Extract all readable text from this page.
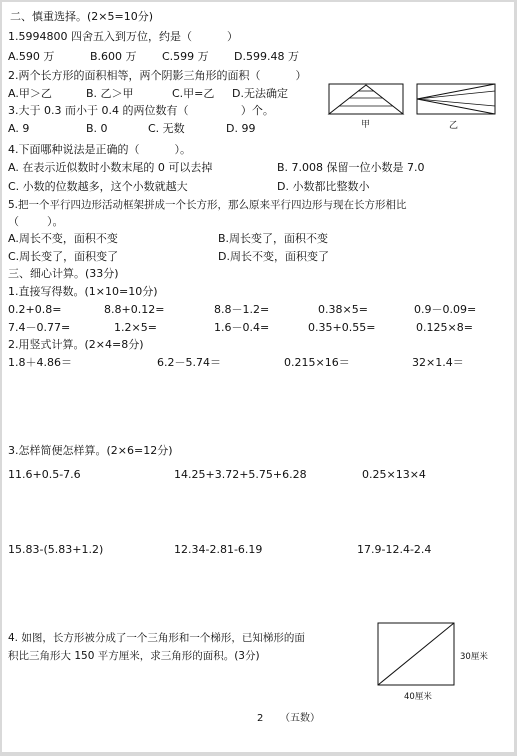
二、慎重选择。(2×5=10分)
1.5994800 四舍五入到万位，约是（          ）
A.590 万	B.600 万 C.599 万 D.599.48 万
2.两个长方形的面积相等，两个阴影三角形的面积（          ）
A.甲＞乙	B. 乙＞甲	C.甲=乙 D.无法确定
甲	乙
3.大于 0.3 而小于 0.4 的两位数有（               ）个。
A. 9	B. 0	C. 无数	D. 99
4.下面哪种说法是正确的（          ）。
A. 在表示近似数时小数末尾的 0 可以去掉	B. 7.008 保留一位小数是 7.0
C. 小数的位数越多，这个小数就越大	D. 小数都比整数小
5.把一个平行四边形活动框架拼成一个长方形，那么原来平行四边形与现在长方形相比
（        ）。
A.周长不变，面积不变	B.周长变了，面积不变
C.周长变了，面积变了	D.周长不变，面积变了
三、细心计算。(33分)
1.直接写得数。(1×10=10分)
0.2+0.8=	8.8+0.12=	8.8－1.2=	0.38×5=	0.9－0.09=
7.4－0.77=	1.2×5=	1.6－0.4=	0.35+0.55=	0.125×8=
2.用竖式计算。(2×4=8分)
1.8＋4.86＝	6.2－5.74＝	0.215×16＝	32×1.4＝
3.怎样简便怎样算。(2×6=12分)
11.6+0.5-7.6	14.25+3.72+5.75+6.28	0.25×13×4
15.83-(5.83+1.2)	12.34-2.81-6.19	17.9-12.4-2.4
4. 如图，长方形被分成了一个三角形和一个梯形，已知梯形的面
积比三角形大 150 平方厘米，求三角形的面积。(3分)	30厘米
40厘米
2 （五数）
